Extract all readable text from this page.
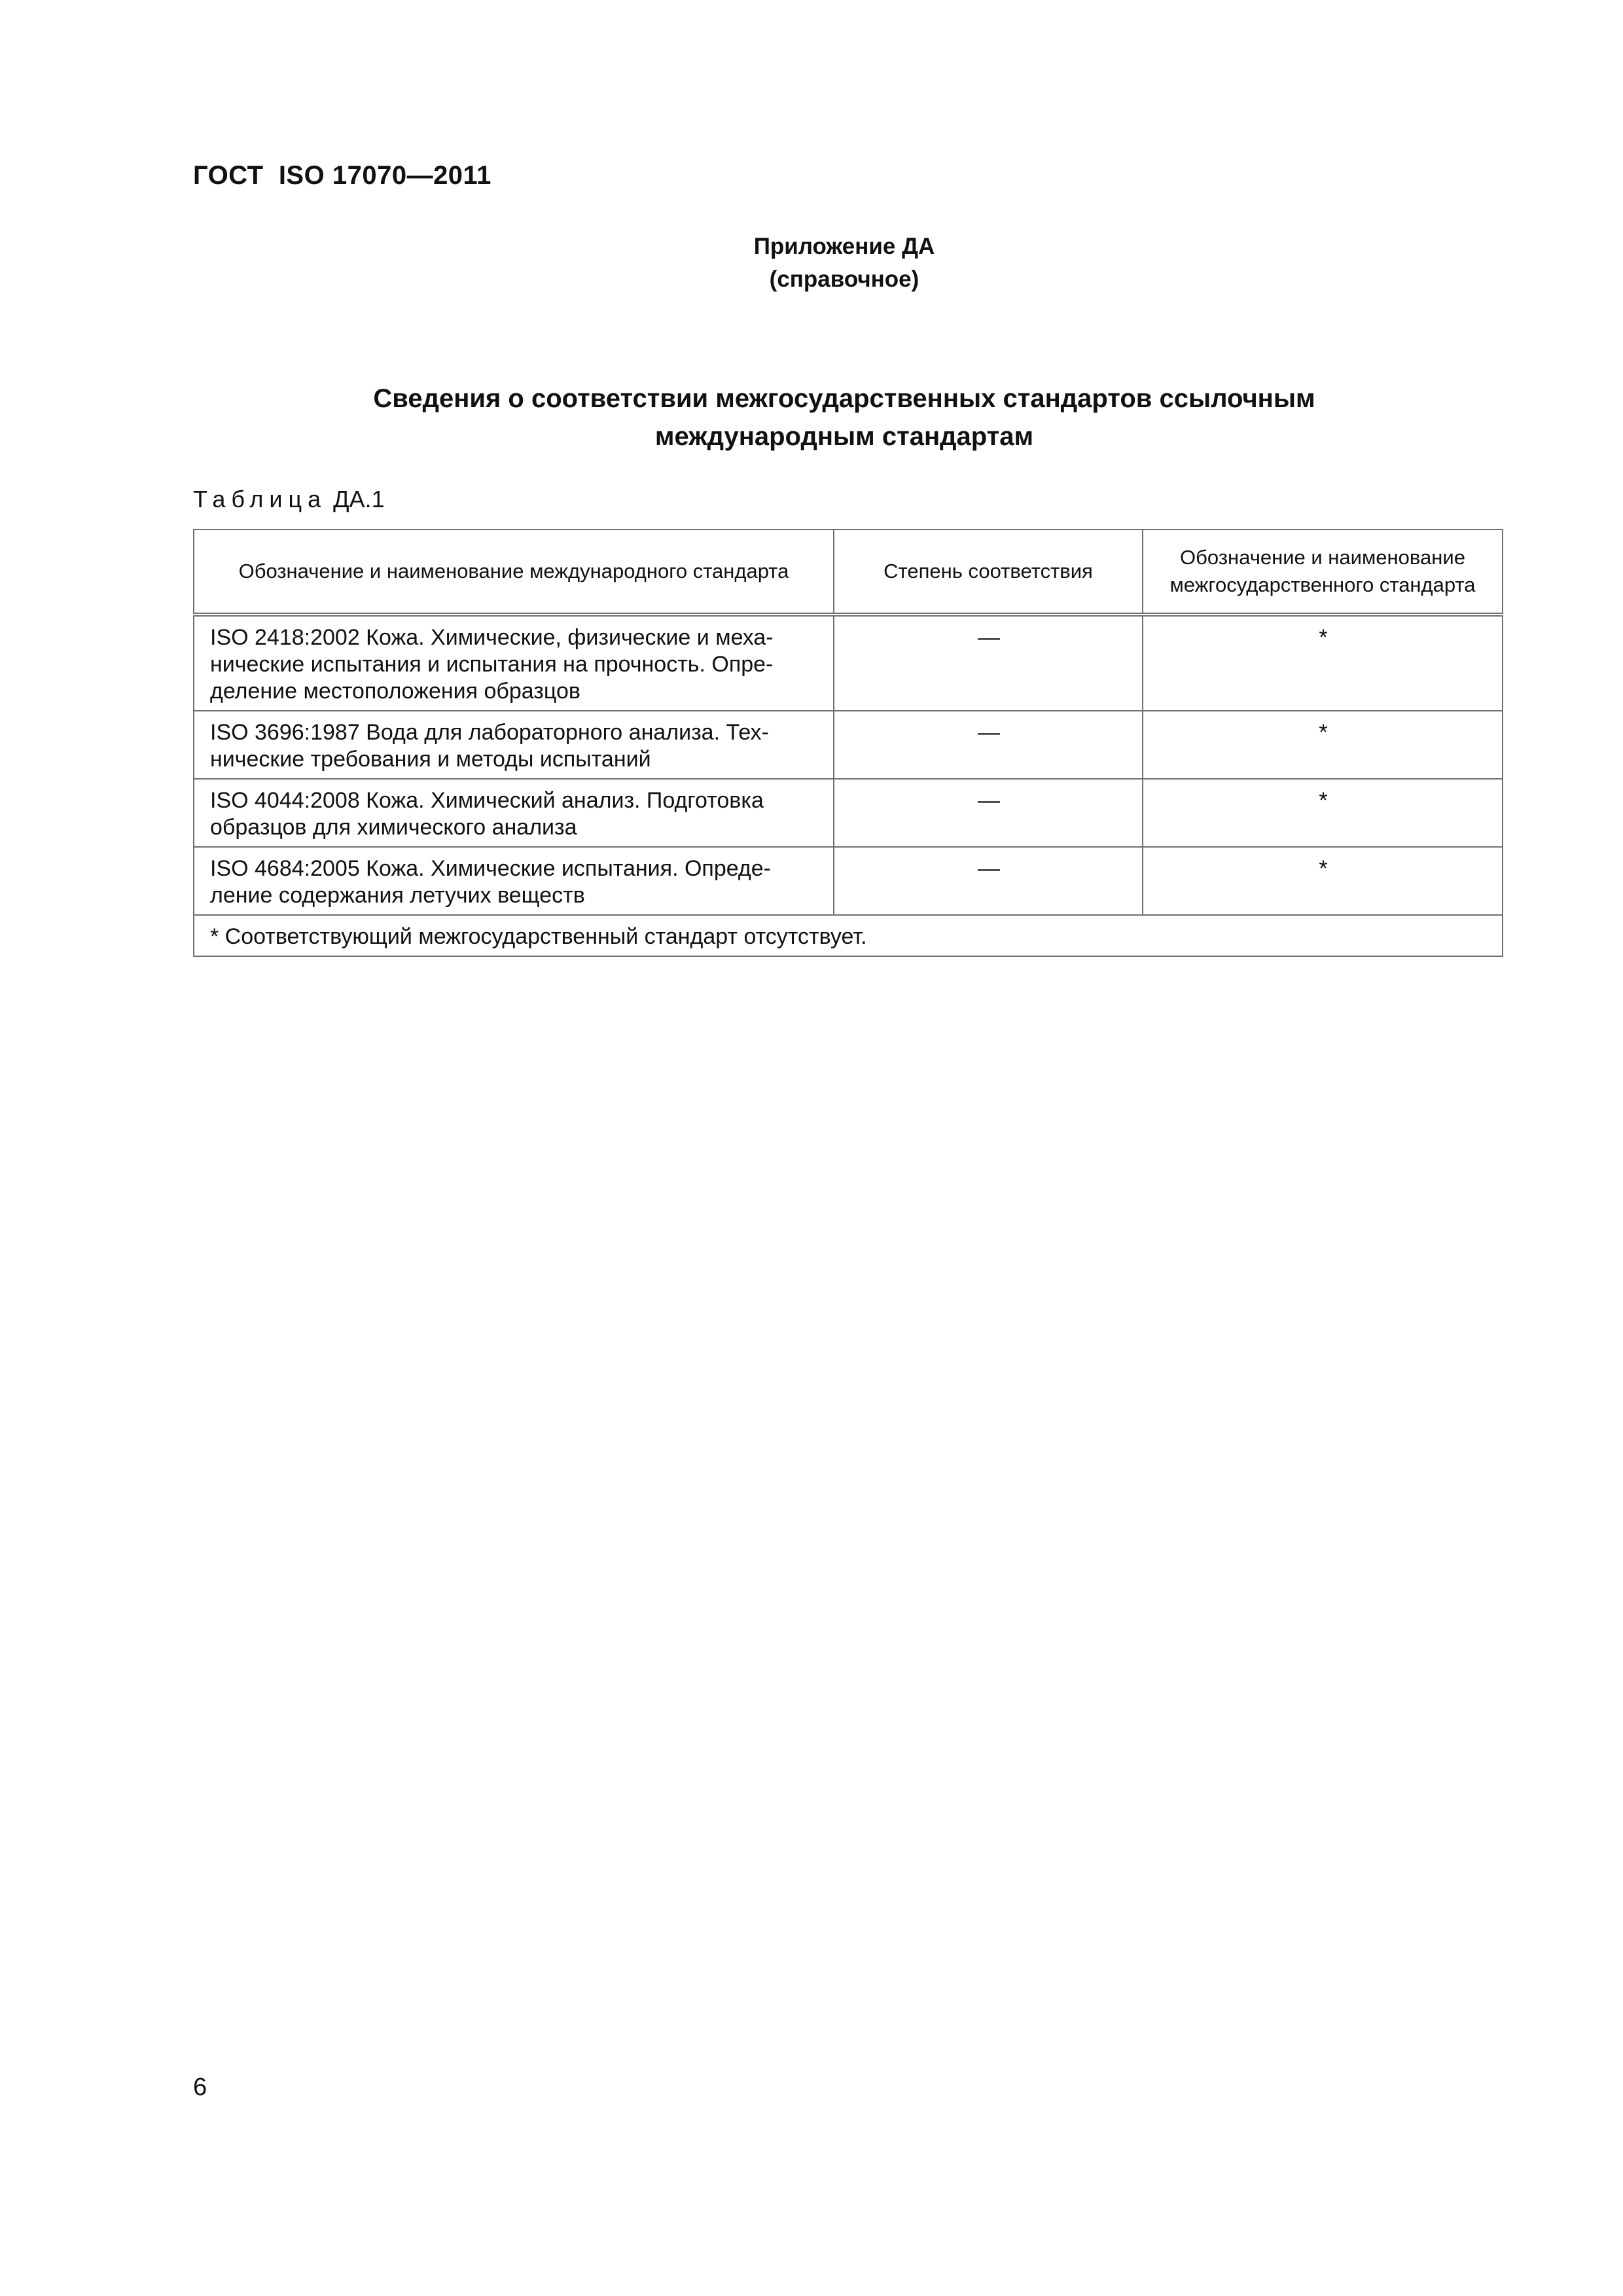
ГОСТ  ISO 17070—2011
Приложение ДА
(справочное)
Сведения о соответствии межгосударственных стандартов ссылочным
международным стандартам
Таблица ДА.1
Обозначение и наименование международного стандарта	Степень соответствия	Обозначение и наименование межгосударственного стандарта

ISO 2418:2002 Кожа. Химические, физические и меха-
нические испытания и испытания на прочность. Опре-
деление местоположения образцов	—	*

ISO 3696:1987 Вода для лабораторного анализа. Тех-
нические требования и методы испытаний	—	*

ISO 4044:2008 Кожа. Химический анализ. Подготовка
образцов для химического анализа	—	*

ISO 4684:2005 Кожа. Химические испытания. Опреде-
ление содержания летучих веществ	—	*
* Соответствующий межгосударственный стандарт отсутствует.		
6
